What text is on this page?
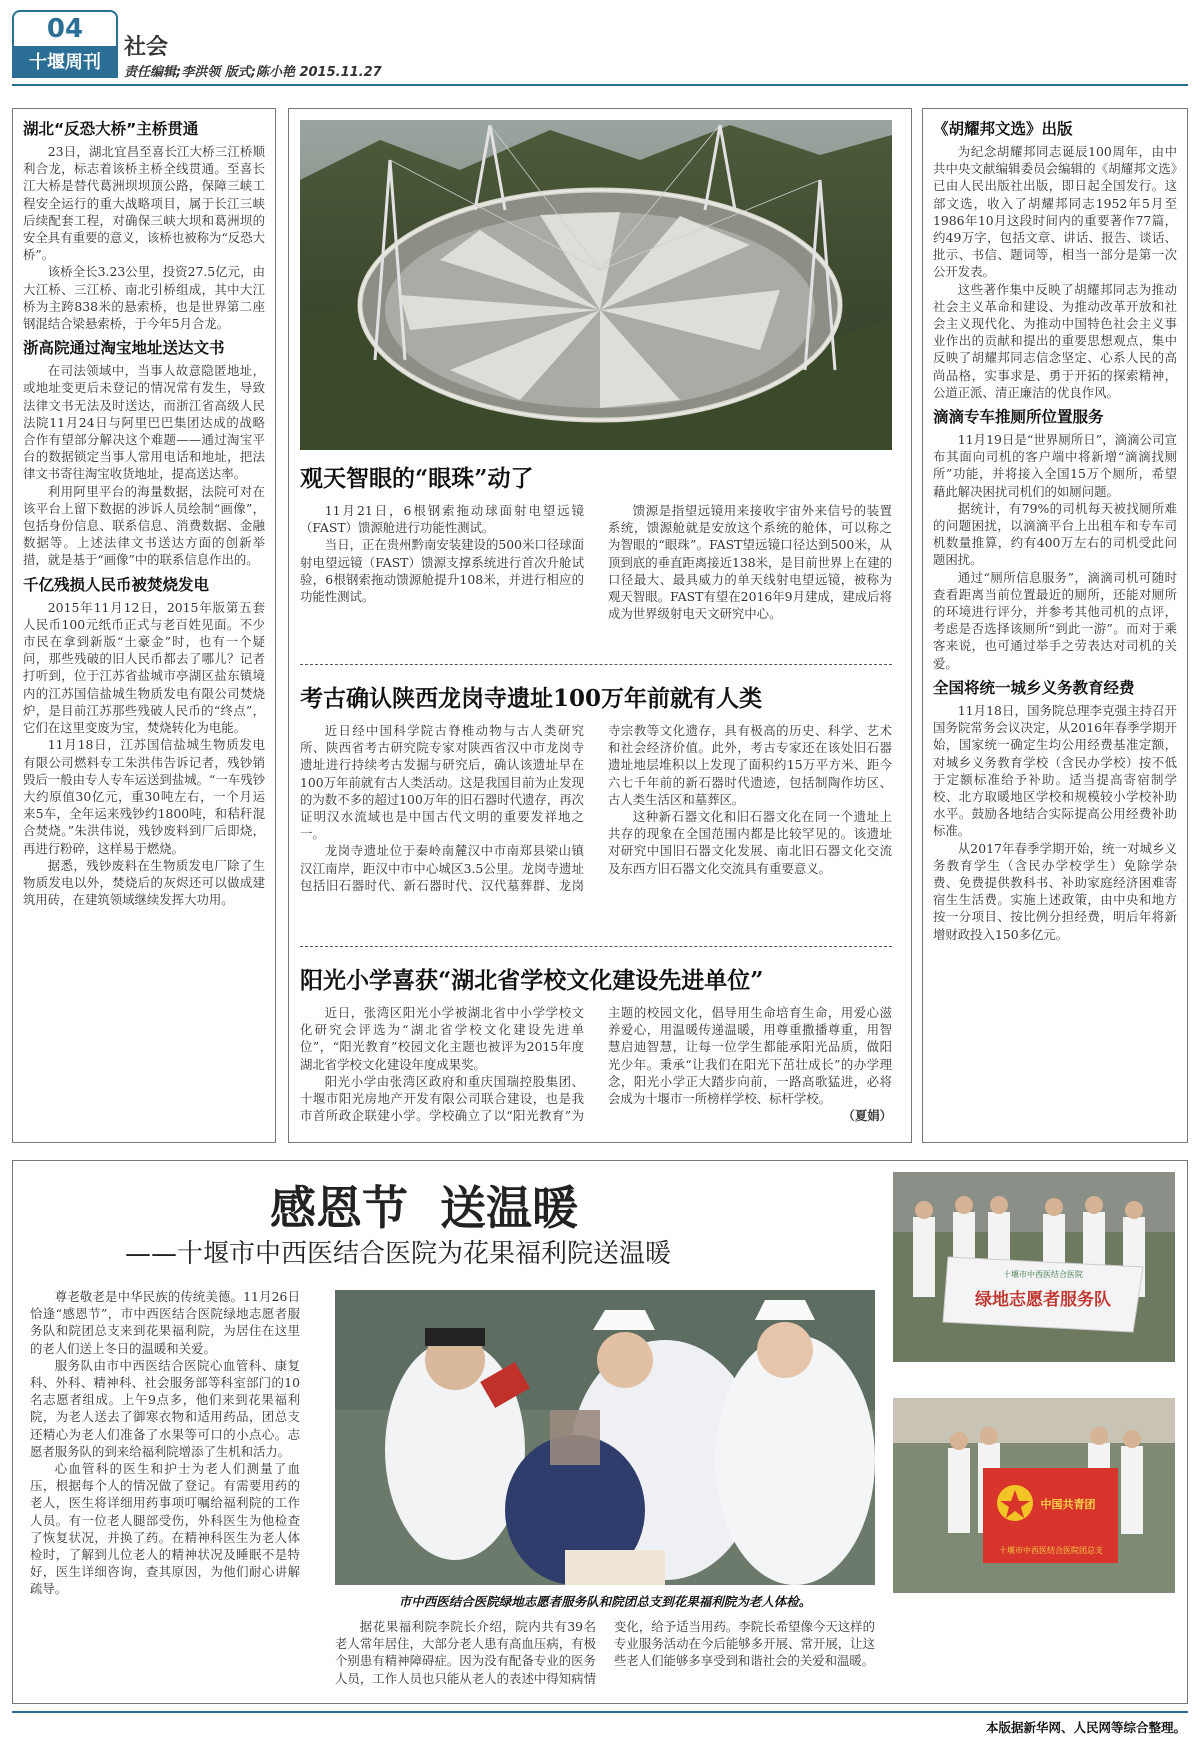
04
十堰周刊
社会
责任编辑;李洪领 版式;陈小艳 2015.11.27
湖北“反恐大桥”主桥贯通

23日，湖北宜昌至喜长江大桥三江桥顺利合龙，标志着该桥主桥全线贯通。至喜长江大桥是替代葛洲坝坝顶公路，保障三峡工程安全运行的重大战略项目，属于长江三峡后续配套工程，对确保三峡大坝和葛洲坝的安全具有重要的意义，该桥也被称为“反恐大桥”。

该桥全长3.23公里，投资27.5亿元，由大江桥、三江桥、南北引桥组成，其中大江桥为主跨838米的悬索桥，也是世界第二座钢混结合梁悬索桥，于今年5月合龙。

浙高院通过淘宝地址送达文书

在司法领域中，当事人故意隐匿地址，或地址变更后未登记的情况常有发生，导致法律文书无法及时送达，而浙江省高级人民法院11月24日与阿里巴巴集团达成的战略合作有望部分解决这个难题——通过淘宝平台的数据锁定当事人常用电话和地址，把法律文书寄往淘宝收货地址，提高送达率。

利用阿里平台的海量数据，法院可对在该平台上留下数据的涉诉人员绘制“画像”，包括身份信息、联系信息、消费数据、金融数据等。上述法律文书送达方面的创新举措，就是基于“画像”中的联系信息作出的。

千亿残损人民币被焚烧发电

2015年11月12日，2015年版第五套人民币100元纸币正式与老百姓见面。不少市民在拿到新版“土豪金”时，也有一个疑问，那些残破的旧人民币都去了哪儿？记者打听到，位于江苏省盐城市亭湖区盐东镇境内的江苏国信盐城生物质发电有限公司焚烧炉，是目前江苏那些残破人民币的“终点”，它们在这里变废为宝，焚烧转化为电能。

11月18日，江苏国信盐城生物质发电有限公司燃料专工朱洪伟告诉记者，残钞销毁后一般由专人专车运送到盐城。“一车残钞大约原值30亿元，重30吨左右，一个月运来5车，全年运来残钞约1800吨，和秸秆混合焚烧。”朱洪伟说，残钞废料到厂后即烧，再进行粉碎，这样易于燃烧。

据悉，残钞废料在生物质发电厂除了生物质发电以外，焚烧后的灰烬还可以做成建筑用砖，在建筑领域继续发挥大功用。

观天智眼的“眼珠”动了

11月21日，6根钢索拖动球面射电望远镜（FAST）馈源舱进行功能性测试。

当日，正在贵州黔南安装建设的500米口径球面射电望远镜（FAST）馈源支撑系统进行首次升舱试验，6根钢索拖动馈源舱提升108米，并进行相应的功能性测试。

馈源是指望远镜用来接收宇宙外来信号的装置系统，馈源舱就是安放这个系统的舱体，可以称之为智眼的“眼珠”。FAST望远镜口径达到500米，从顶到底的垂直距离接近138米，是目前世界上在建的口径最大、最具威力的单天线射电望远镜，被称为观天智眼。FAST有望在2016年9月建成，建成后将成为世界级射电天文研究中心。

考古确认陕西龙岗寺遗址100万年前就有人类

近日经中国科学院古脊椎动物与古人类研究所、陕西省考古研究院专家对陕西省汉中市龙岗寺遗址进行持续考古发掘与研究后，确认该遗址早在100万年前就有古人类活动。这是我国目前为止发现的为数不多的超过100万年的旧石器时代遗存，再次证明汉水流域也是中国古代文明的重要发祥地之一。

龙岗寺遗址位于秦岭南麓汉中市南郑县梁山镇汉江南岸，距汉中市中心城区3.5公里。龙岗寺遗址包括旧石器时代、新石器时代、汉代墓葬群、龙岗寺宗教等文化遗存，具有极高的历史、科学、艺术和社会经济价值。此外，考古专家还在该处旧石器遗址地层堆积以上发现了面积约15万平方米、距今六七千年前的新石器时代遗迹，包括制陶作坊区、古人类生活区和墓葬区。

这种新石器文化和旧石器文化在同一个遗址上共存的现象在全国范围内都是比较罕见的。该遗址对研究中国旧石器文化发展、南北旧石器文化交流及东西方旧石器文化交流具有重要意义。

阳光小学喜获“湖北省学校文化建设先进单位”

近日，张湾区阳光小学被湖北省中小学学校文化研究会评选为“湖北省学校文化建设先进单位”，“阳光教育”校园文化主题也被评为2015年度湖北省学校文化建设年度成果奖。

阳光小学由张湾区政府和重庆国瑞控股集团、十堰市阳光房地产开发有限公司联合建设，也是我市首所政企联建小学。学校确立了以“阳光教育”为主题的校园文化，倡导用生命培育生命，用爱心滋养爱心，用温暖传递温暖，用尊重撒播尊重，用智慧启迪智慧，让每一位学生都能承阳光品质，做阳光少年。秉承“让我们在阳光下茁壮成长”的办学理念，阳光小学正大踏步向前，一路高歌猛进，必将会成为十堰市一所榜样学校、标杆学校。

（夏娟）

《胡耀邦文选》出版

为纪念胡耀邦同志诞辰100周年，由中共中央文献编辑委员会编辑的《胡耀邦文选》已由人民出版社出版，即日起全国发行。这部文选，收入了胡耀邦同志1952年5月至1986年10月这段时间内的重要著作77篇，约49万字，包括文章、讲话、报告、谈话、批示、书信、题词等，相当一部分是第一次公开发表。

这些著作集中反映了胡耀邦同志为推动社会主义革命和建设、为推动改革开放和社会主义现代化、为推动中国特色社会主义事业作出的贡献和提出的重要思想观点，集中反映了胡耀邦同志信念坚定、心系人民的高尚品格，实事求是、勇于开拓的探索精神，公道正派、清正廉洁的优良作风。

滴滴专车推厕所位置服务

11月19日是“世界厕所日”，滴滴公司宣布其面向司机的客户端中将新增“滴滴找厕所”功能，并将接入全国15万个厕所，希望藉此解决困扰司机们的如厕问题。

据统计，有79%的司机每天被找厕所难的问题困扰，以滴滴平台上出租车和专车司机数量推算，约有400万左右的司机受此问题困扰。

通过“厕所信息服务”，滴滴司机可随时查看距离当前位置最近的厕所，还能对厕所的环境进行评分，并参考其他司机的点评，考虑是否选择该厕所“到此一游”。而对于乘客来说，也可通过举手之劳表达对司机的关爱。

全国将统一城乡义务教育经费

11月18日，国务院总理李克强主持召开国务院常务会议决定，从2016年春季学期开始，国家统一确定生均公用经费基准定额，对城乡义务教育学校（含民办学校）按不低于定额标准给予补助。适当提高寄宿制学校、北方取暖地区学校和规模较小学校补助水平。鼓励各地结合实际提高公用经费补助标准。

从2017年春季学期开始，统一对城乡义务教育学生（含民办学校学生）免除学杂费、免费提供教科书、补助家庭经济困难寄宿生生活费。实施上述政策，由中央和地方按一分项目、按比例分担经费，明后年将新增财政投入150多亿元。

感恩节  送温暖
——十堰市中西医结合医院为花果福利院送温暖

尊老敬老是中华民族的传统美德。11月26日恰逢“感恩节”，市中西医结合医院绿地志愿者服务队和院团总支来到花果福利院，为居住在这里的老人们送上冬日的温暖和关爱。

服务队由市中西医结合医院心血管科、康复科、外科、精神科、社会服务部等科室部门的10名志愿者组成。上午9点多，他们来到花果福利院，为老人送去了御寒衣物和适用药品，团总支还精心为老人们准备了水果等可口的小点心。志愿者服务队的到来给福利院增添了生机和活力。

心血管科的医生和护士为老人们测量了血压，根据每个人的情况做了登记。有需要用药的老人，医生将详细用药事项叮嘱给福利院的工作人员。有一位老人腿部受伤，外科医生为他检查了恢复状况，并换了药。在精神科医生为老人体检时，了解到儿位老人的精神状况及睡眠不是特好，医生详细咨询，查其原因，为他们耐心讲解疏导。

市中西医结合医院绿地志愿者服务队和院团总支到花果福利院为老人体检。

据花果福利院李院长介绍，院内共有39名老人常年居住，大部分老人患有高血压病，有极个别患有精神障碍症。因为没有配备专业的医务人员，工作人员也只能从老人的表述中得知病情变化，给予适当用药。李院长希望像今天这样的专业服务活动在今后能够多开展、常开展，让这些老人们能够多享受到和谐社会的关爱和温暖。

十堰市中西医结合医院
绿地志愿者服务队
中国共青团
十堰市中西医结合医院团总支
本版据新华网、人民网等综合整理。
